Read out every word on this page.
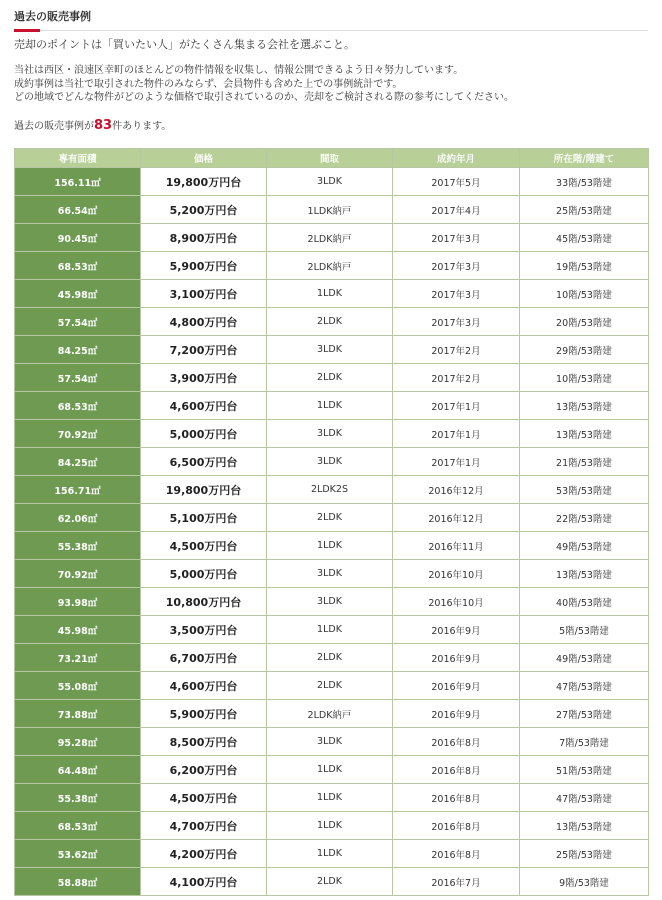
過去の販売事例
売却のポイントは「買いたい人」がたくさん集まる会社を選ぶこと。
当社は西区・浪速区幸町のほとんどの物件情報を収集し、情報公開できるよう日々努力しています。
成約事例は当社で取引された物件のみならず、会員物件も含めた上での事例統計です。
どの地域でどんな物件がどのような価格で取引されているのか、売却をご検討される際の参考にしてください。
過去の販売事例が83件あります。
専有面積	価格	間取	成約年月	所在階/階建て
156.11㎡	19,800万円台	3LDK	2017年5月	33階/53階建
66.54㎡	5,200万円台	1LDK納戸	2017年4月	25階/53階建
90.45㎡	8,900万円台	2LDK納戸	2017年3月	45階/53階建
68.53㎡	5,900万円台	2LDK納戸	2017年3月	19階/53階建
45.98㎡	3,100万円台	1LDK	2017年3月	10階/53階建
57.54㎡	4,800万円台	2LDK	2017年3月	20階/53階建
84.25㎡	7,200万円台	3LDK	2017年2月	29階/53階建
57.54㎡	3,900万円台	2LDK	2017年2月	10階/53階建
68.53㎡	4,600万円台	1LDK	2017年1月	13階/53階建
70.92㎡	5,000万円台	3LDK	2017年1月	13階/53階建
84.25㎡	6,500万円台	3LDK	2017年1月	21階/53階建
156.71㎡	19,800万円台	2LDK2S	2016年12月	53階/53階建
62.06㎡	5,100万円台	2LDK	2016年12月	22階/53階建
55.38㎡	4,500万円台	1LDK	2016年11月	49階/53階建
70.92㎡	5,000万円台	3LDK	2016年10月	13階/53階建
93.98㎡	10,800万円台	3LDK	2016年10月	40階/53階建
45.98㎡	3,500万円台	1LDK	2016年9月	5階/53階建
73.21㎡	6,700万円台	2LDK	2016年9月	49階/53階建
55.08㎡	4,600万円台	2LDK	2016年9月	47階/53階建
73.88㎡	5,900万円台	2LDK納戸	2016年9月	27階/53階建
95.28㎡	8,500万円台	3LDK	2016年8月	7階/53階建
64.48㎡	6,200万円台	1LDK	2016年8月	51階/53階建
55.38㎡	4,500万円台	1LDK	2016年8月	47階/53階建
68.53㎡	4,700万円台	1LDK	2016年8月	13階/53階建
53.62㎡	4,200万円台	1LDK	2016年8月	25階/53階建
58.88㎡	4,100万円台	2LDK	2016年7月	9階/53階建
